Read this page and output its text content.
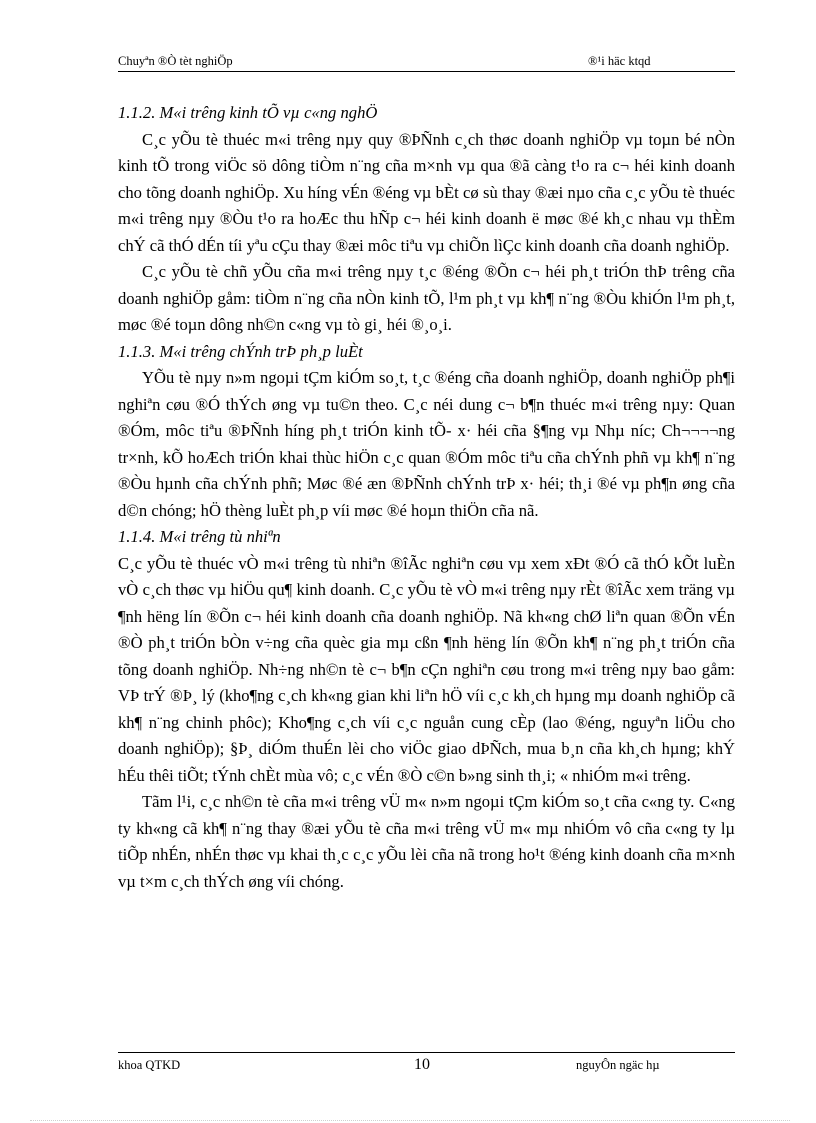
Chuyªn ®Ò tèt nghiÖp	®¹i häc ktqd

1.1.2. M«i trêng kinh tÕ vµ c«ng nghÖ

C¸c yÕu tè thuéc m«i trêng nµy quy ®ÞÑnh c¸ch thøc doanh nghiÖp vµ toµn bé nÒn kinh tÕ trong viÖc sö dông tiÒm n¨ng cña m×nh vµ qua ®ã càng t¹o ra c¬ héi kinh doanh cho tõng doanh nghiÖp. Xu híng vÉn ®éng vµ bÈt cø sù thay ®æi nµo cña c¸c yÕu tè thuéc m«i trêng nµy ®Òu t¹o ra hoÆc thu hÑp c¬ héi kinh doanh ë møc ®é kh¸c nhau vµ thÈm chÝ cã thÓ dÉn tíi yªu cÇu thay ®æi môc tiªu vµ chiÕn lìÇc kinh doanh cña doanh nghiÖp.

C¸c yÕu tè chñ yÕu cña m«i trêng nµy t¸c ®éng ®Õn c¬ héi ph¸t triÓn thÞ trêng cña doanh nghiÖp gåm: tiÒm n¨ng cña nÒn kinh tÕ, l¹m ph¸t vµ kh¶ n¨ng ®Òu khiÓn l¹m ph¸t, møc ®é toµn dông nh©n c«ng vµ tò gi¸ héi ®¸o¸i.

1.1.3. M«i trêng chÝnh trÞ ph¸p luÈt

YÕu tè nµy n»m ngoµi tÇm kiÓm so¸t, t¸c ®éng cña doanh nghiÖp, doanh nghiÖp ph¶i nghiªn cøu ®Ó thÝch øng vµ tu©n theo. C¸c néi dung c¬ b¶n thuéc m«i trêng nµy: Quan ®Óm, môc tiªu ®ÞÑnh híng ph¸t triÓn kinh tÕ- x· héi cña §¶ng vµ Nhµ níc; Ch¬¬¬¬ng tr×nh, kÕ hoÆch triÓn khai thùc hiÖn c¸c quan ®Óm môc tiªu cña chÝnh phñ vµ kh¶ n¨ng ®Òu hµnh cña chÝnh phñ; Møc ®é æn ®ÞÑnh chÝnh trÞ x· héi; th¸i ®é vµ ph¶n øng cña d©n chóng; hÖ thèng luÈt ph¸p víi møc ®é hoµn thiÖn cña nã.

1.1.4. M«i trêng tù nhiªn

C¸c yÕu tè thuéc vÒ m«i trêng tù nhiªn ®îÃc nghiªn cøu vµ xem xÐt ®Ó cã thÓ kÕt luÈn vÒ c¸ch thøc vµ hiÖu qu¶ kinh doanh. C¸c yÕu tè vÒ m«i trêng nµy rÈt ®îÃc xem träng vµ ¶nh hëng lín ®Õn c¬ héi kinh doanh cña doanh nghiÖp. Nã kh«ng chØ liªn quan ®Õn vÉn ®Ò ph¸t triÓn bÒn v÷ng cña quèc gia mµ cßn ¶nh hëng lín ®Õn kh¶ n¨ng ph¸t triÓn cña tõng doanh nghiÖp. Nh÷ng nh©n tè c¬ b¶n cÇn nghiªn cøu trong m«i trêng nµy bao gåm: VÞ trÝ ®Þ¸ lý (kho¶ng c¸ch kh«ng gian khi liªn hÖ víi c¸c kh¸ch hµng mµ doanh nghiÖp cã kh¶ n¨ng chinh phôc); Kho¶ng c¸ch víi c¸c nguån cung cÈp (lao ®éng, nguyªn liÖu cho doanh nghiÖp); §Þ¸ diÓm thuÉn lèi cho viÖc giao dÞÑch, mua b¸n cña kh¸ch hµng; khÝ hÉu thêi tiÕt; tÝnh chÈt mùa vô; c¸c vÉn ®Ò c©n b»ng sinh th¸i; « nhiÓm m«i trêng.

Tãm l¹i, c¸c nh©n tè cña m«i trêng vÜ m« n»m ngoµi tÇm kiÓm so¸t cña c«ng ty. C«ng ty kh«ng cã kh¶ n¨ng thay ®æi yÕu tè cña m«i trêng vÜ m« mµ nhiÓm vô cña c«ng ty lµ tiÕp nhÉn, nhÉn thøc vµ khai th¸c c¸c yÕu lèi cña nã trong ho¹t ®éng kinh doanh cña m×nh vµ t×m c¸ch thÝch øng víi chóng.

khoa QTKD	10	nguyÔn ngäc hµ
